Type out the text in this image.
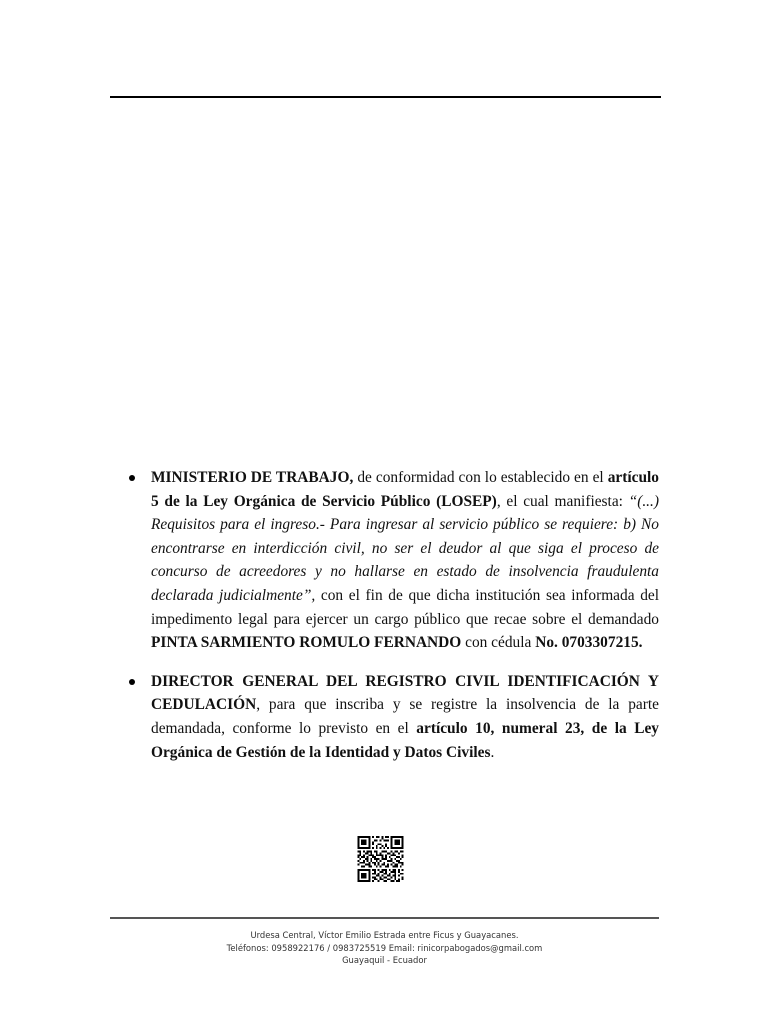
MINISTERIO DE TRABAJO, de conformidad con lo establecido en el artículo 5 de la Ley Orgánica de Servicio Público (LOSEP), el cual manifiesta: “(...) Requisitos para el ingreso.- Para ingresar al servicio público se requiere: b) No encontrarse en interdicción civil, no ser el deudor al que siga el proceso de concurso de acreedores y no hallarse en estado de insolvencia fraudulenta declarada judicialmente”, con el fin de que dicha institución sea informada del impedimento legal para ejercer un cargo público que recae sobre el demandado PINTA SARMIENTO ROMULO FERNANDO con cédula No. 0703307215.
DIRECTOR GENERAL DEL REGISTRO CIVIL IDENTIFICACIÓN Y CEDULACIÓN, para que inscriba y se registre la insolvencia de la parte demandada, conforme lo previsto en el artículo 10, numeral 23, de la Ley Orgánica de Gestión de la Identidad y Datos Civiles.
Urdesa Central, Víctor Emilio Estrada entre Ficus y Guayacanes.
Teléfonos: 0958922176 / 0983725519 Email: rinicorpabogados@gmail.com
Guayaquil - Ecuador
